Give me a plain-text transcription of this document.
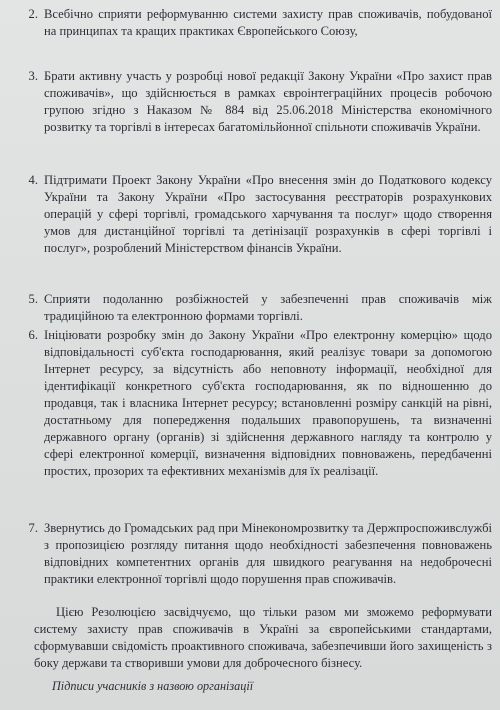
2. Всебічно сприяти реформуванню системи захисту прав споживачів, побудованої на принципах та кращих практиках Європейського Союзу,
3. Брати активну участь у розробці нової редакції Закону України «Про захист прав споживачів», що здійснюється в рамках євроінтеграційних процесів робочою групою згідно з Наказом № 884 від 25.06.2018 Міністерства економічного розвитку та торгівлі в інтересах багатомільйонної спільноти споживачів України.
4. Підтримати Проект Закону України «Про внесення змін до Податкового кодексу України та Закону України «Про застосування реєстраторів розрахункових операцій у сфері торгівлі, громадського харчування та послуг» щодо створення умов для дистанційної торгівлі та детінізації розрахунків в сфері торгівлі і послуг», розроблений Міністерством фінансів України.
5. Сприяти подоланню розбіжностей у забезпеченні прав споживачів між традиційною та електронною формами торгівлі.
6. Ініціювати розробку змін до Закону України «Про електронну комерцію» щодо відповідальності суб'єкта господарювання, який реалізує товари за допомогою Інтернет ресурсу, за відсутність або неповноту інформації, необхідної для ідентифікації конкретного суб'єкта господарювання, як по відношенню до продавця, так і власника Інтернет ресурсу; встановленні розміру санкцій на рівні, достатньому для попередження подальших правопорушень, та визначенні державного органу (органів) зі здійснення державного нагляду та контролю у сфері електронної комерції, визначення відповідних повноважень, передбаченні простих, прозорих та ефективних механізмів для їх реалізації.
7. Звернутись до Громадських рад при Мінекономрозвитку та Держпроспоживслужбі з пропозицією розгляду питання щодо необхідності забезпечення повноважень відповідних компетентних органів для швидкого реагування на недоброчесні практики електронної торгівлі щодо порушення прав споживачів.
Цією Резолюцією засвідчуємо, що тільки разом ми зможемо реформувати систему захисту прав споживачів в Україні за європейськими стандартами, сформувавши свідомість проактивного споживача, забезпечивши його захищеність з боку держави та створивши умови для доброчесного бізнесу.
Підписи учасників з назвою організації
